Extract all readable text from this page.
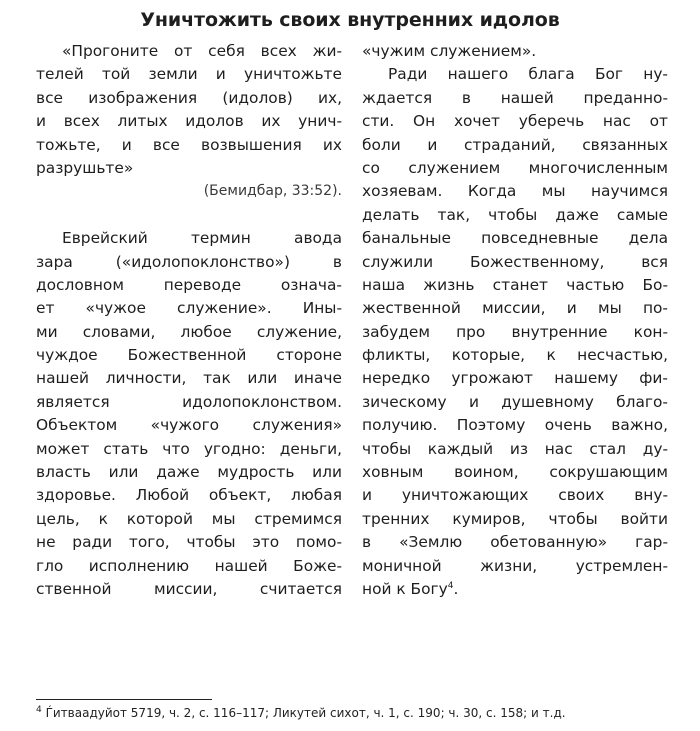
Уничтожить своих внутренних идолов
«Прогоните от себя всех жи-
телей той земли и уничтожьте
все изображения (идолов) их,
и всех литых идолов их унич-
тожьте, и все возвышения их
разрушьте»
(Бемидбар, 33:52).
Еврейский термин авода
зара («идолопоклонство») в
дословном переводе означа-
ет «чужое служение». Ины-
ми словами, любое служение,
чуждое Божественной стороне
нашей личности, так или иначе
является идолопоклонством.
Объектом «чужого служения»
может стать что угодно: деньги,
власть или даже мудрость или
здоровье. Любой объект, любая
цель, к которой мы стремимся
не ради того, чтобы это помо-
гло исполнению нашей Боже-
ственной миссии, считается
«чужим служением».
Ради нашего блага Бог ну-
ждается в нашей преданно-
сти. Он хочет уберечь нас от
боли и страданий, связанных
со служением многочисленным
хозяевам. Когда мы научимся
делать так, чтобы даже самые
банальные повседневные дела
служили Божественному, вся
наша жизнь станет частью Бо-
жественной миссии, и мы по-
забудем про внутренние кон-
фликты, которые, к несчастью,
нередко угрожают нашему фи-
зическому и душевному благо-
получию. Поэтому очень важно,
чтобы каждый из нас стал ду-
ховным воином, сокрушающим
и уничтожающих своих вну-
тренних кумиров, чтобы войти
в «Землю обетованную» гар-
моничной жизни, устремлен-
ной к Богу$^4$.
$^4$ Ѓитваадуйот 5719, ч. 2, с. 116–117; Ликутей сихот, ч. 1, с. 190; ч. 30, с. 158; и т.д.
